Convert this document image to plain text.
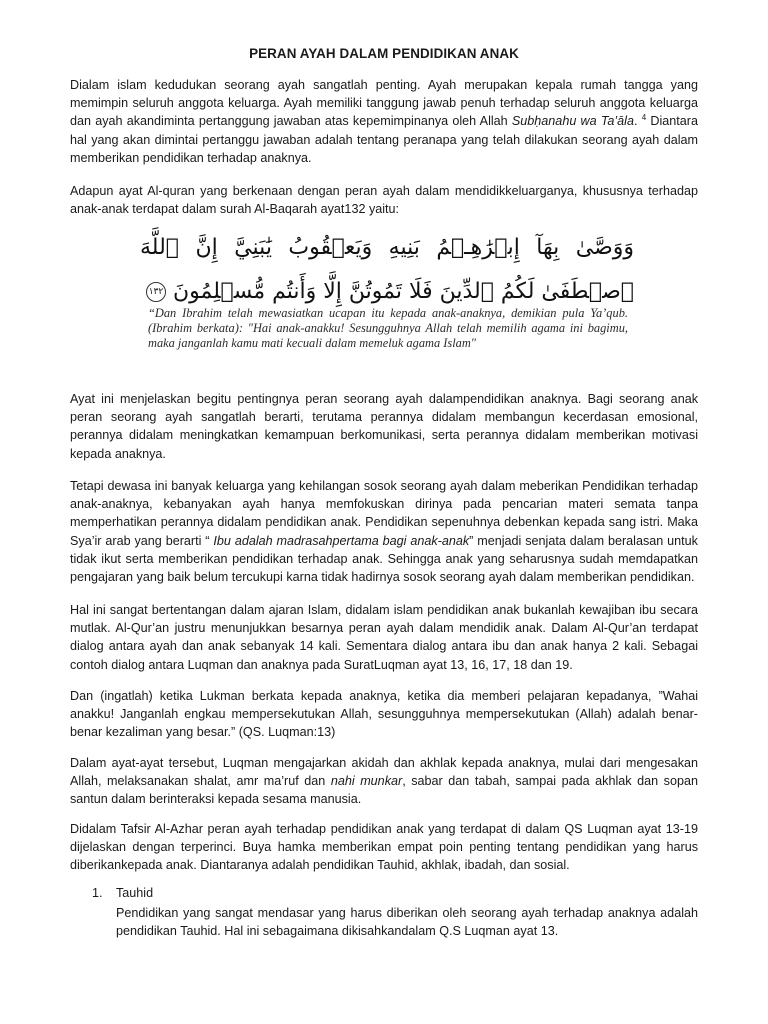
PERAN AYAH DALAM PENDIDIKAN ANAK

Dialam islam kedudukan seorang ayah sangatlah penting. Ayah merupakan kepala rumah tangga yang memimpin seluruh anggota keluarga. Ayah memiliki tanggung jawab penuh terhadap seluruh anggota keluarga dan ayah akandiminta pertanggung jawaban atas kepemimpinanya oleh Allah Subḥanahu wa Ta’āla. $^4$ Diantara hal yang akan dimintai pertanggu jawaban adalah tentang peranapa yang telah dilakukan seorang ayah dalam memberikan pendidikan terhadap anaknya.

Adapun ayat Al-quran yang berkenaan dengan peran ayah dalam mendidikkeluarganya, khususnya terhadap anak-anak terdapat dalam surah Al-Baqarah ayat132 yaitu:

وَوَصَّىٰ بِهَآ إِبۡرَٰهِـۧمُ بَنِيهِ وَيَعۡقُوبُ يَٰبَنِيَّ إِنَّ ٱللَّهَ ٱصۡطَفَىٰ لَكُمُ ٱلدِّينَ فَلَا تَمُوتُنَّ إِلَّا وَأَنتُم مُّسۡلِمُونَ ١٣٢

“Dan Ibrahim telah mewasiatkan ucapan itu kepada anak-anaknya, demikian pula Ya’qub. (Ibrahim berkata): "Hai anak-anakku! Sesungguhnya Allah telah memilih agama ini bagimu, maka janganlah kamu mati kecuali dalam memeluk agama Islam"

Ayat ini menjelaskan begitu pentingnya peran seorang ayah dalampendidikan anaknya. Bagi seorang anak peran seorang ayah sangatlah berarti, terutama perannya didalam membangun kecerdasan emosional, perannya didalam meningkatkan kemampuan berkomunikasi, serta perannya didalam memberikan motivasi kepada anaknya.

Tetapi dewasa ini banyak keluarga yang kehilangan sosok seorang ayah dalam meberikan Pendidikan terhadap anak-anaknya, kebanyakan ayah hanya memfokuskan dirinya pada pencarian materi semata tanpa memperhatikan perannya didalam pendidikan anak. Pendidikan sepenuhnya debenkan kepada sang istri. Maka Sya’ir arab yang berarti “ Ibu adalah madrasahpertama bagi anak-anak” menjadi senjata dalam beralasan untuk tidak ikut serta memberikan pendidikan terhadap anak. Sehingga anak yang seharusnya sudah memdapatkan pengajaran yang baik belum tercukupi karna tidak hadirnya sosok seorang ayah dalam memberikan pendidikan.

Hal ini sangat bertentangan dalam ajaran Islam, didalam islam pendidikan anak bukanlah kewajiban ibu secara mutlak. Al-Qur’an justru menunjukkan besarnya peran ayah dalam mendidik anak. Dalam Al-Qur’an terdapat dialog antara ayah dan anak sebanyak 14 kali. Sementara dialog antara ibu dan anak hanya 2 kali. Sebagai contoh dialog antara Luqman dan anaknya pada SuratLuqman ayat 13, 16, 17, 18 dan 19.

Dan (ingatlah) ketika Lukman berkata kepada anaknya, ketika dia memberi pelajaran kepadanya, ”Wahai anakku! Janganlah engkau mempersekutukan Allah, sesungguhnya mempersekutukan (Allah) adalah benar-benar kezaliman yang besar.” (QS. Luqman:13)

Dalam ayat-ayat tersebut, Luqman mengajarkan akidah dan akhlak kepada anaknya, mulai dari mengesakan Allah, melaksanakan shalat, amr ma’ruf dan nahi munkar, sabar dan tabah, sampai pada akhlak dan sopan santun dalam berinteraksi kepada sesama manusia.

Didalam Tafsir Al-Azhar peran ayah terhadap pendidikan anak yang terdapat di dalam QS Luqman ayat 13-19 dijelaskan dengan terperinci. Buya hamka memberikan empat poin penting tentang pendidikan yang harus diberikankepada anak. Diantaranya adalah pendidikan Tauhid, akhlak, ibadah, dan sosial.

1. Tauhid

Pendidikan yang sangat mendasar yang harus diberikan oleh seorang ayah terhadap anaknya adalah pendidikan Tauhid. Hal ini sebagaimana dikisahkandalam Q.S Luqman ayat 13.
